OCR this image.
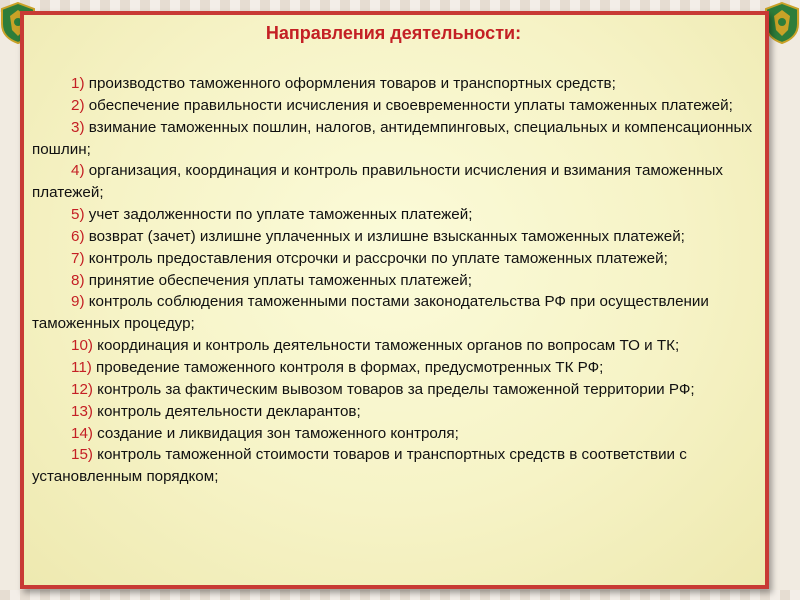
Направления деятельности:
1) производство таможенного оформления товаров и транспортных средств;
2) обеспечение правильности исчисления и своевременности уплаты таможенных платежей;
3) взимание таможенных пошлин, налогов, антидемпинговых, специальных и компенсационных пошлин;
4) организация, координация и контроль правильности исчисления и взимания таможенных платежей;
5) учет задолженности по уплате таможенных платежей;
6) возврат (зачет) излишне уплаченных и излишне взысканных таможенных платежей;
7) контроль предоставления отсрочки и рассрочки по уплате таможенных платежей;
8) принятие обеспечения уплаты таможенных платежей;
9) контроль соблюдения таможенными постами законодательства РФ при осуществлении таможенных процедур;
10) координация и контроль деятельности таможенных органов по вопросам ТО и ТК;
11) проведение таможенного контроля в формах, предусмотренных ТК РФ;
12) контроль за фактическим вывозом товаров за пределы таможенной территории РФ;
13) контроль деятельности декларантов;
14) создание и ликвидация зон таможенного контроля;
15) контроль таможенной стоимости товаров и транспортных средств в соответствии с установленным порядком;
